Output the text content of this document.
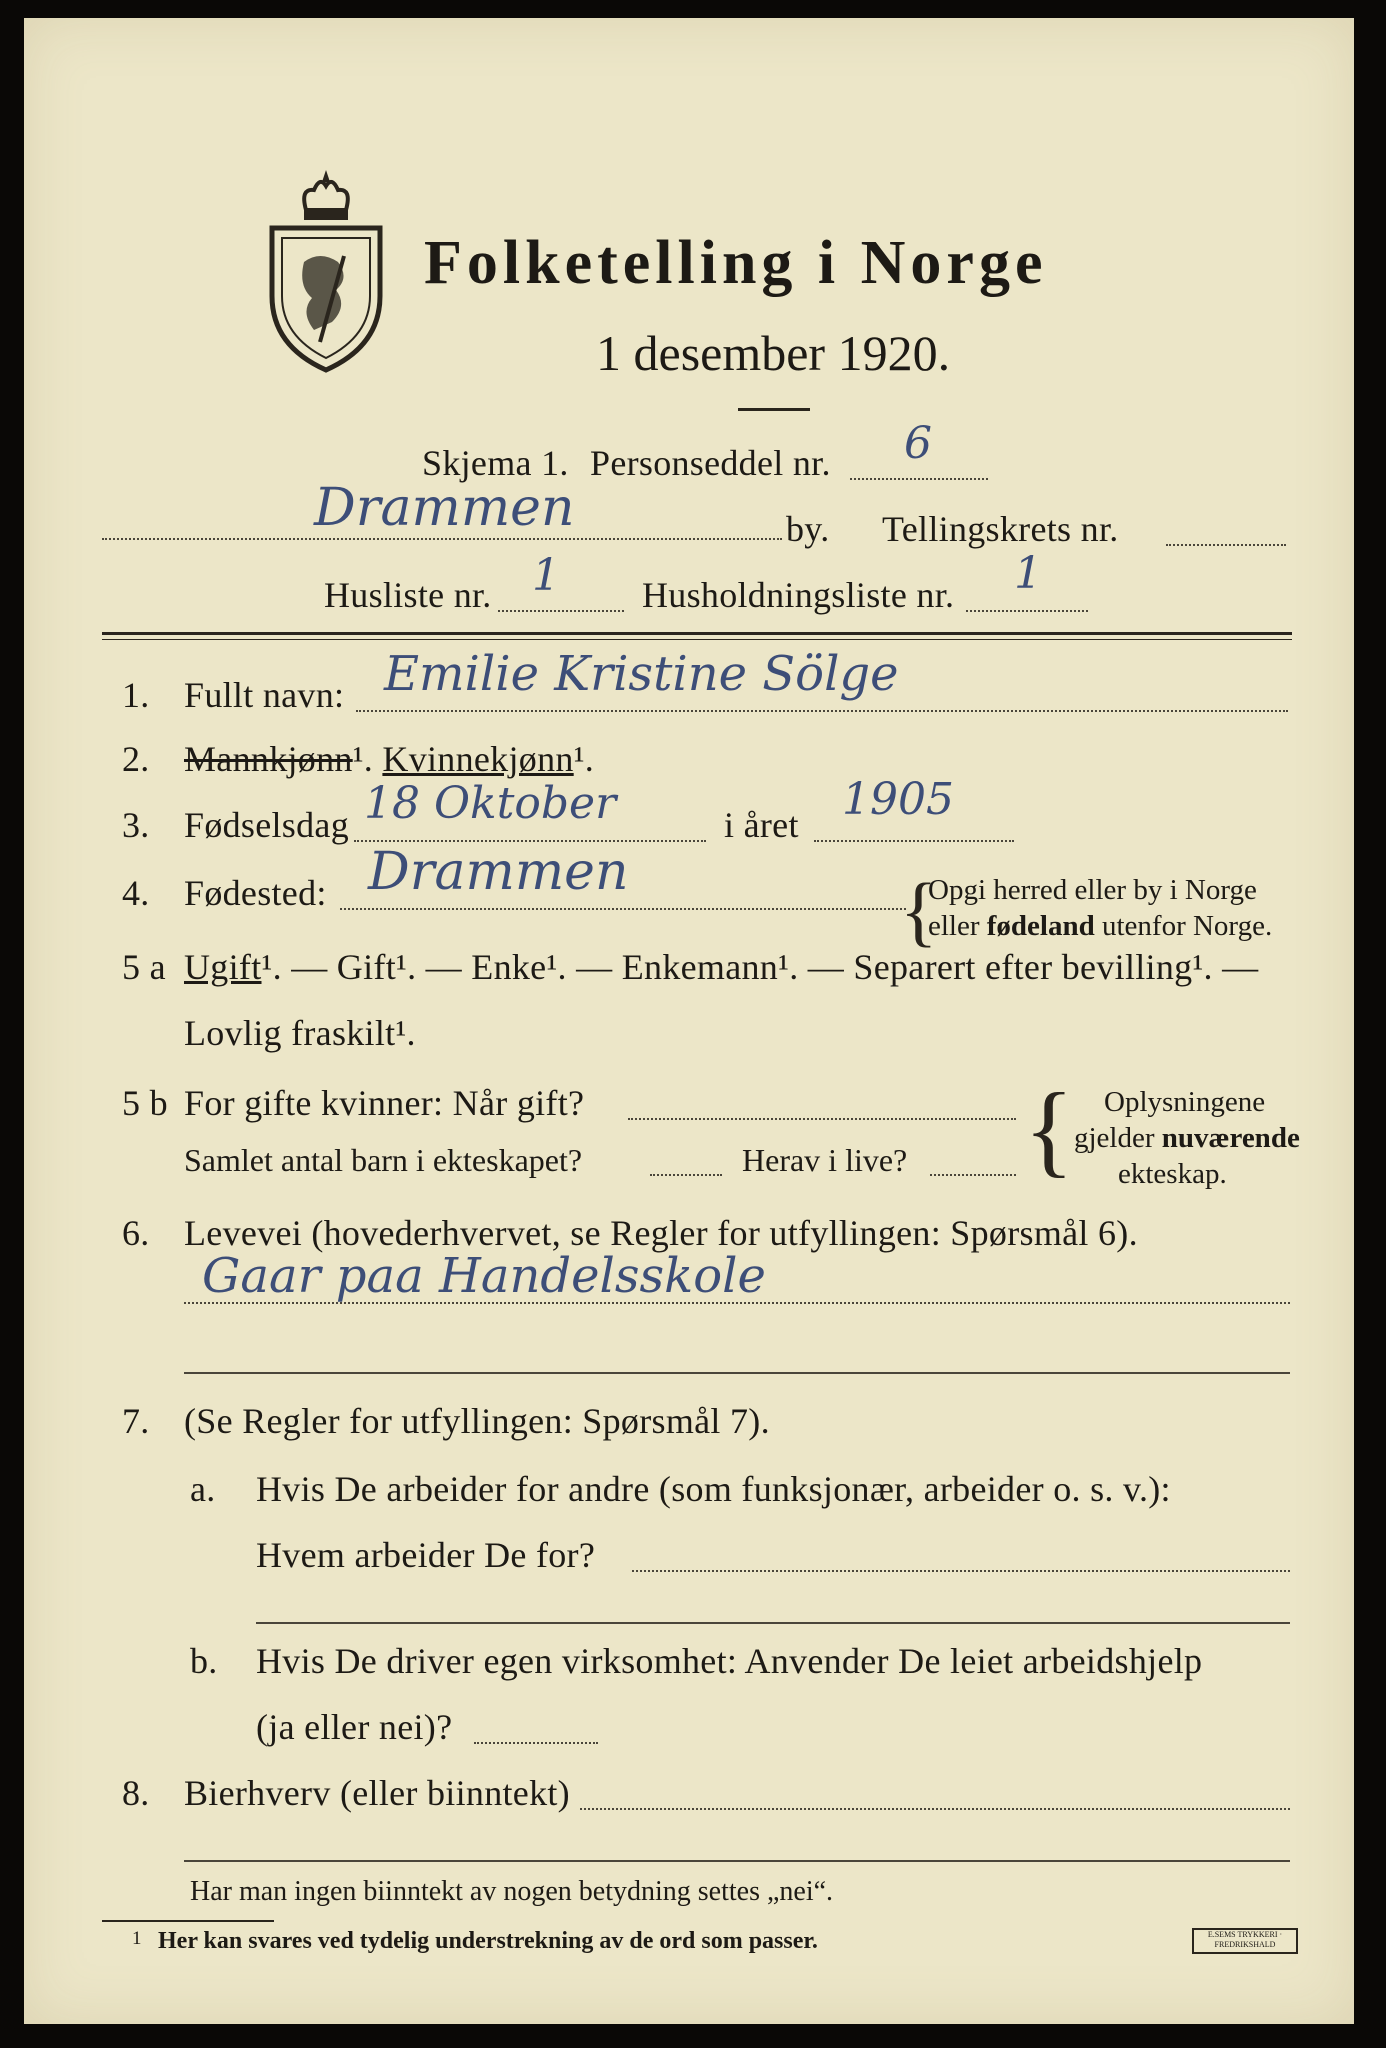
Folketelling i Norge
1 desember 1920.
Skjema 1. Personseddel nr. 6
Drammen	by. Tellingskrets nr.
Husliste nr. 1 Husholdningsliste nr. 1
1. Fullt navn: Emilie Kristine Sölge
2. Mannkjønn¹. Kvinnekjønn¹.
3. Fødselsdag 18 Oktober	i året 1905
4. Fødested: Drammen	{
Opgi herred eller by i Norge
eller fødeland utenfor Norge.
5 a Ugift¹. — Gift¹. — Enke¹. — Enkemann¹. — Separert efter bevilling¹. —
Lovlig fraskilt¹.
5 b For gifte kvinner: Når gift?
Samlet antal barn i ekteskapet?	Herav i live? { Oplysningene
gjelder nuværende
ekteskap.
6. Levevei (hovederhvervet, se Regler for utfyllingen: Spørsmål 6).
Gaar paa Handelsskole
7. (Se Regler for utfyllingen: Spørsmål 7).
a. Hvis De arbeider for andre (som funksjonær, arbeider o. s. v.):
Hvem arbeider De for?
b. Hvis De driver egen virksomhet: Anvender De leiet arbeidshjelp
(ja eller nei)?
8. Bierhverv (eller biinntekt)
Har man ingen biinntekt av nogen betydning settes „nei“.
1 Her kan svares ved tydelig understrekning av de ord som passer.	E.SEMS TRYKKERI · FREDRIKSHALD
